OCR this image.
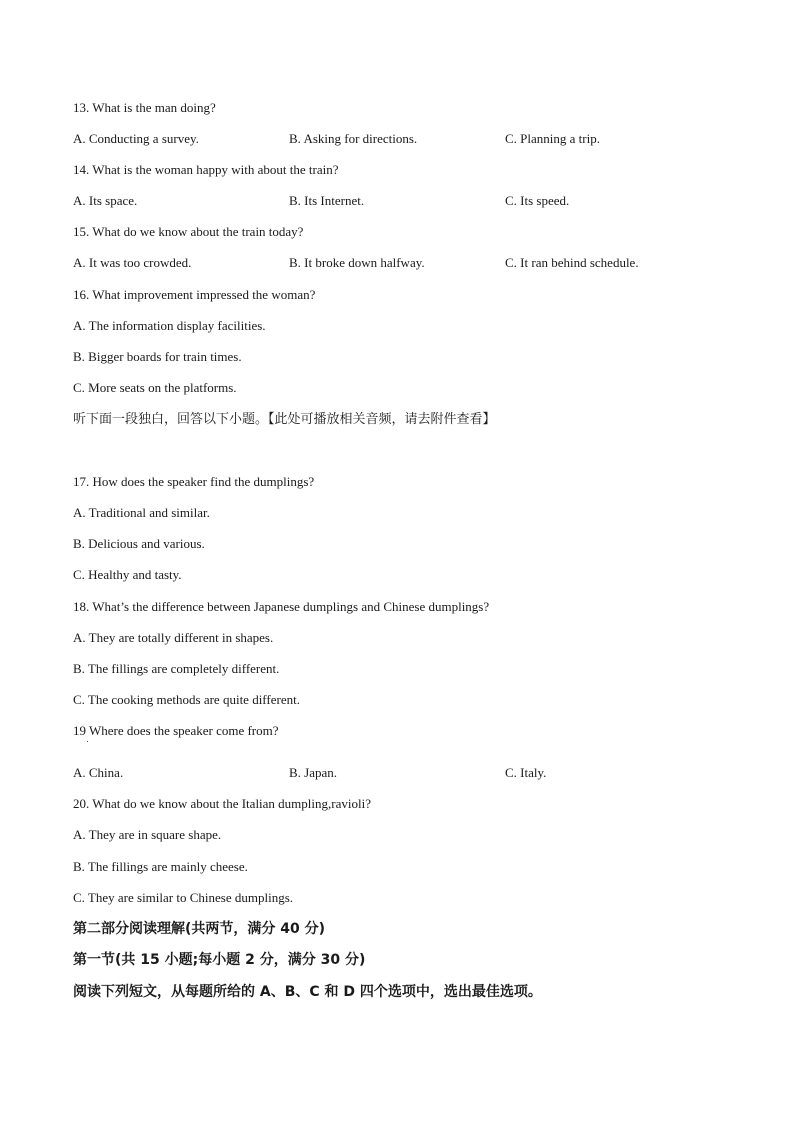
13. What is the man doing?
A. Conducting a survey.	B. Asking for directions.	C. Planning a trip.
14. What is the woman happy with about the train?
A. Its space.	B. Its Internet.	C. Its speed.
15. What do we know about the train today?
A. It was too crowded.	B. It broke down halfway.	C. It ran behind schedule.
16. What improvement impressed the woman?
A. The information display facilities.
B. Bigger boards for train times.
C. More seats on the platforms.
听下面一段独白，回答以下小题。【此处可播放相关音频，请去附件查看】
17. How does the speaker find the dumplings?
A. Traditional and similar.
B. Delicious and various.
C. Healthy and tasty.
18. What’s the difference between Japanese dumplings and Chinese dumplings?
A. They are totally different in shapes.
B. The fillings are completely different.
C. The cooking methods are quite different.
19 Where does the speaker come from?
A. China.	B. Japan.	C. Italy.
20. What do we know about the Italian dumpling,ravioli?
A. They are in square shape.
B. The fillings are mainly cheese.
C. They are similar to Chinese dumplings.
第二部分阅读理解(共两节，满分 40 分)
第一节(共 15 小题;每小题 2 分，满分 30 分)
阅读下列短文，从每题所给的 A、B、C 和 D 四个选项中，选出最佳选项。
